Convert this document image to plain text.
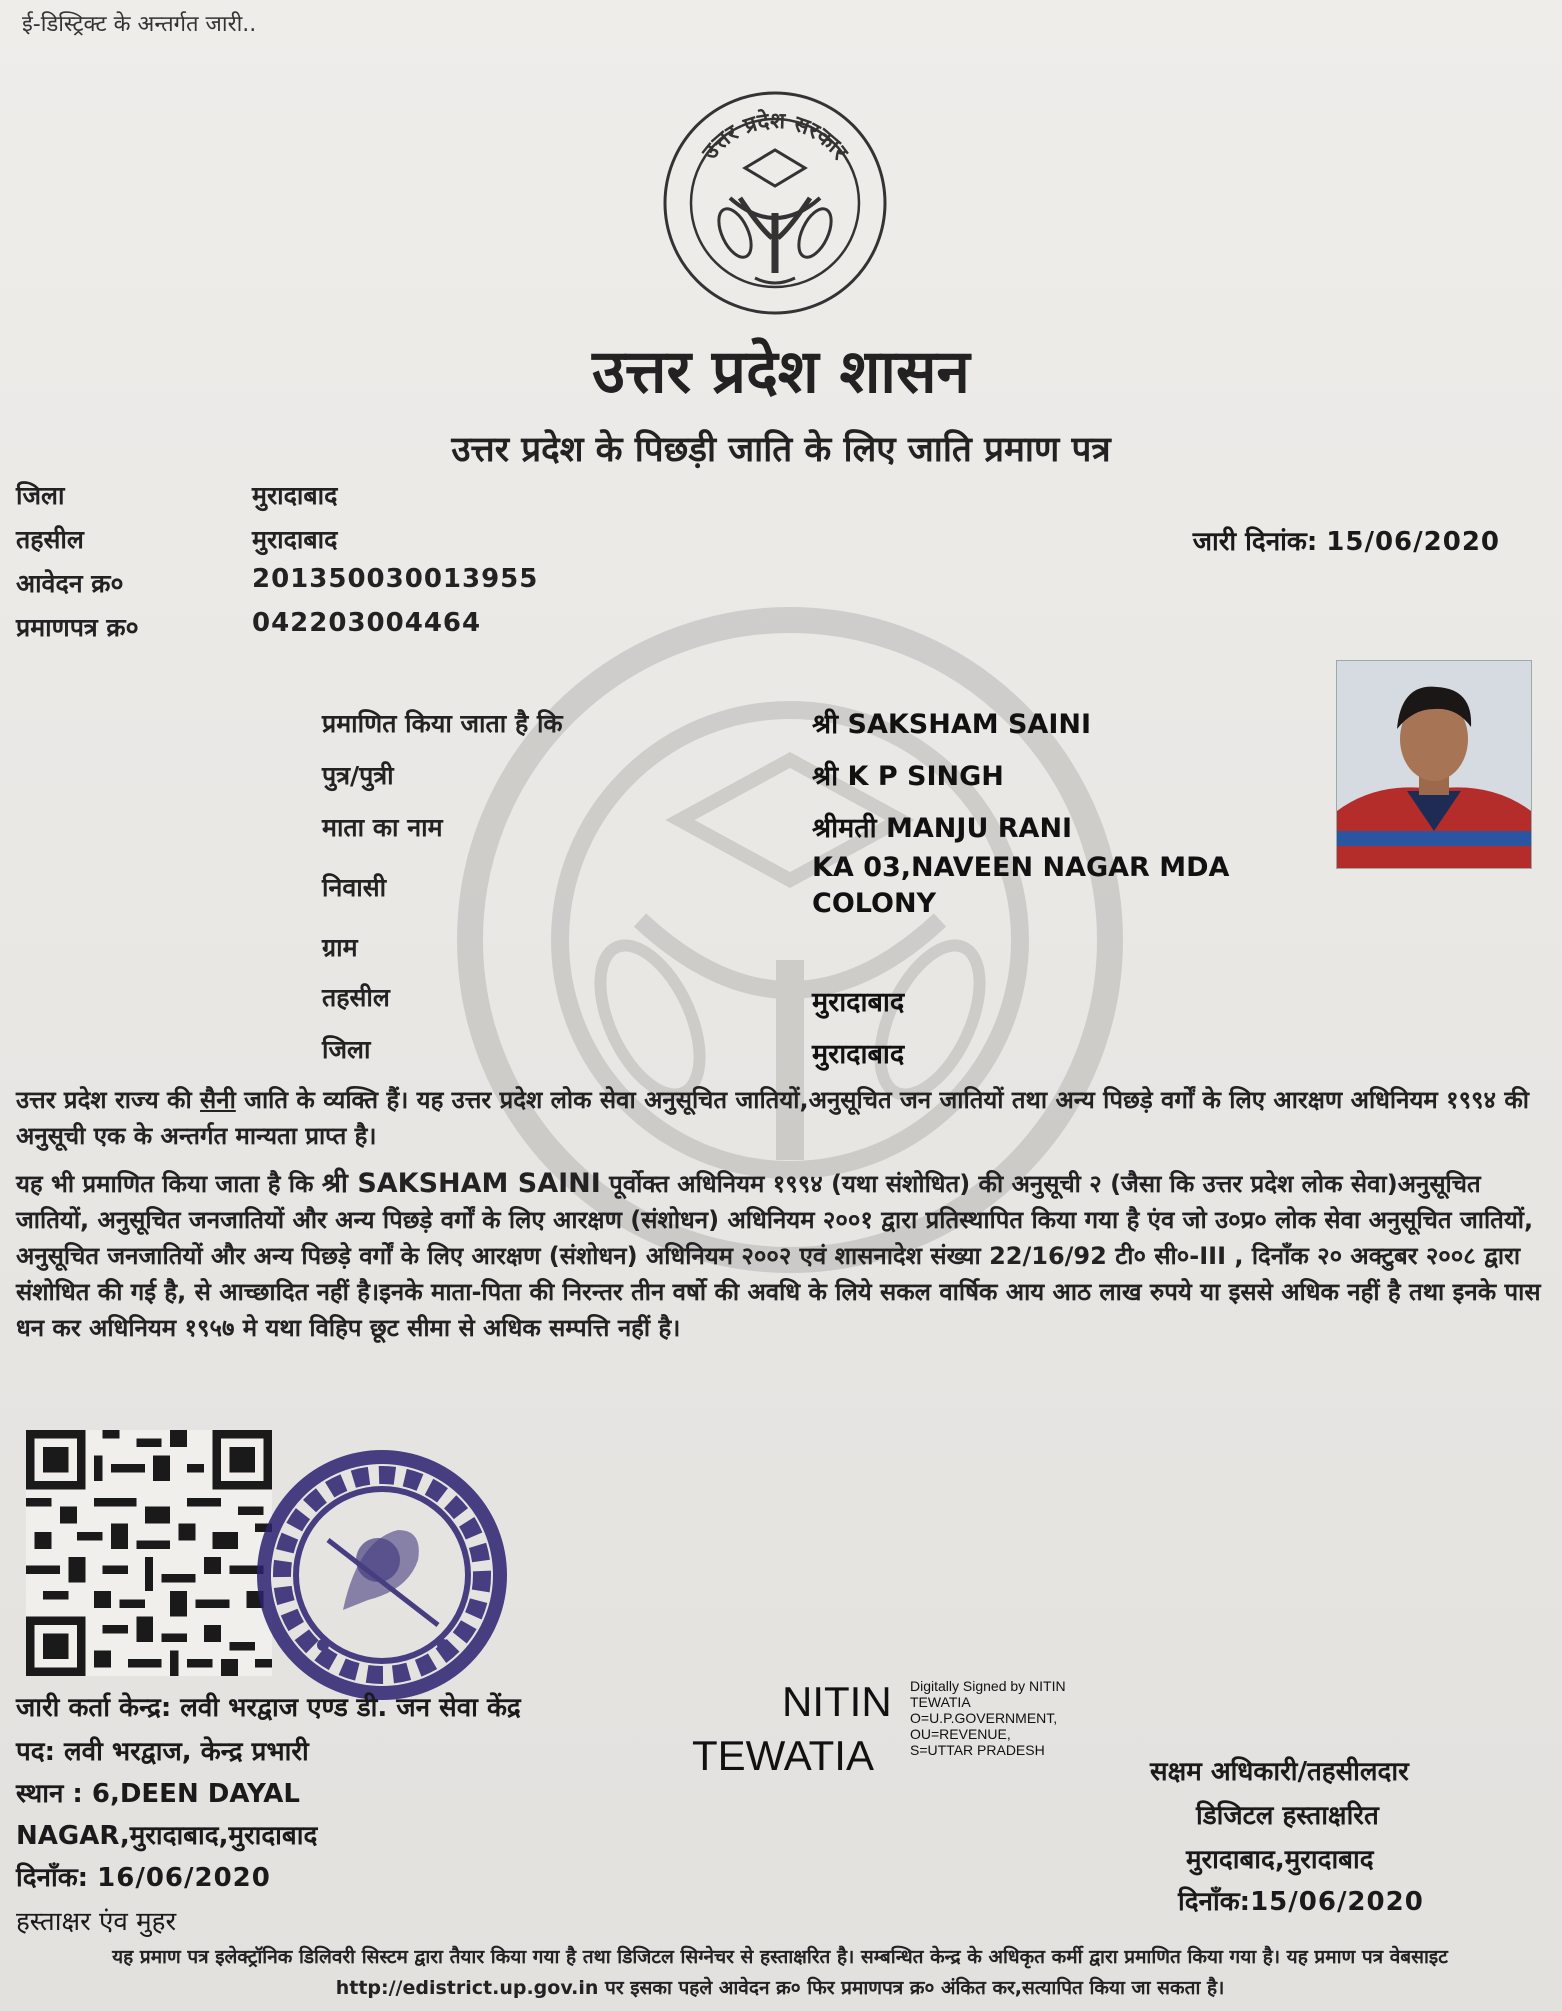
ई-डिस्ट्रिक्ट के अन्तर्गत जारी..
उत्तर प्रदेश सरकार
उत्तर प्रदेश शासन
उत्तर प्रदेश के पिछड़ी जाति के लिए जाति प्रमाण पत्र
जिला	मुरादाबाद
तहसील	मुरादाबाद
आवेदन क्र०	201350030013955
प्रमाणपत्र क्र०	042203004464
जारी दिनांक: 15/06/2020
प्रमाणित किया जाता है कि	श्री SAKSHAM SAINI
पुत्र/पुत्री	श्री K P SINGH
माता का नाम	श्रीमती MANJU RANI
निवासी
KA 03,NAVEEN NAGAR MDA
COLONY
ग्राम
तहसील	मुरादाबाद
जिला	मुरादाबाद
उत्तर प्रदेश राज्य की सैनी जाति के व्यक्ति हैं। यह उत्तर प्रदेश लोक सेवा अनुसूचित जातियों,अनुसूचित जन जातियों तथा अन्य पिछड़े वर्गों के लिए आरक्षण अधिनियम १९९४ की अनुसूची एक के अन्तर्गत मान्यता प्राप्त है।
यह भी प्रमाणित किया जाता है कि श्री SAKSHAM SAINI पूर्वोक्त अधिनियम १९९४ (यथा संशोधित) की अनुसूची २ (जैसा कि उत्तर प्रदेश लोक सेवा)अनुसूचित जातियों, अनुसूचित जनजातियों और अन्य पिछड़े वर्गों के लिए आरक्षण (संशोधन) अधिनियम २००१ द्वारा प्रतिस्थापित किया गया है एंव जो उ०प्र० लोक सेवा अनुसूचित जातियों, अनुसूचित जनजातियों और अन्य पिछड़े वर्गों के लिए आरक्षण (संशोधन) अधिनियम २००२ एवं शासनादेश संख्या 22/16/92 टी० सी०-III , दिनाँक २० अक्टुबर २००८ द्वारा संशोधित की गई है, से आच्छादित नहीं है।इनके माता-पिता की निरन्तर तीन वर्षो की अवधि के लिये सकल वार्षिक आय आठ लाख रुपये या इससे अधिक नहीं है तथा इनके पास धन कर अधिनियम १९५७ मे यथा विहिप छूट सीमा से अधिक सम्पत्ति नहीं है।
जारी कर्ता केन्द्र: लवी भरद्वाज एण्ड डी. जन सेवा केंद्र
पद: लवी भरद्वाज, केन्द्र प्रभारी
स्थान : 6,DEEN DAYAL
NAGAR,मुरादाबाद,मुरादाबाद
दिनाँक: 16/06/2020
हस्ताक्षर एंव मुहर
NITIN
TEWATIA
Digitally Signed by NITIN
TEWATIA
O=U.P.GOVERNMENT,
OU=REVENUE,
S=UTTAR PRADESH
सक्षम अधिकारी/तहसीलदार
डिजिटल हस्ताक्षरित
मुरादाबाद,मुरादाबाद
दिनाँक:15/06/2020
यह प्रमाण पत्र इलेक्ट्रॉनिक डिलिवरी सिस्टम द्वारा तैयार किया गया है तथा डिजिटल सिग्नेचर से हस्ताक्षरित है। सम्बन्धित केन्द्र के अधिकृत कर्मी द्वारा प्रमाणित किया गया है। यह प्रमाण पत्र वेबसाइट http://edistrict.up.gov.in पर इसका पहले आवेदन क्र० फिर प्रमाणपत्र क्र० अंकित कर,सत्यापित किया जा सकता है।
